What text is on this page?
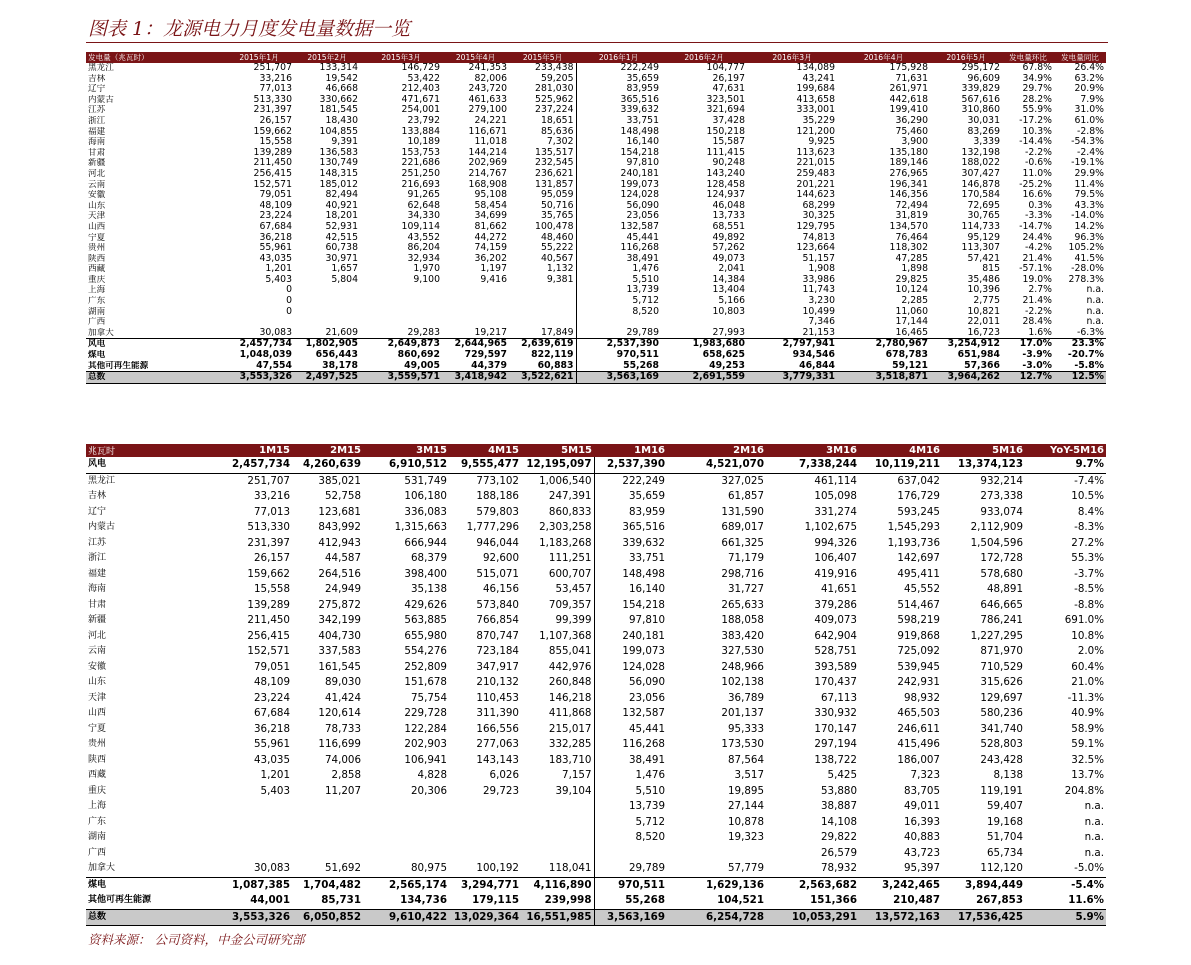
图表 1：龙源电力月度发电量数据一览
发电量（兆瓦时）	2015年1月	2015年2月	2015年3月	2015年4月	2015年5月	2016年1月	2016年2月	2016年3月	2016年4月	2016年5月	发电量环比	发电量同比
黑龙江	251,707	133,314	146,729	241,353	233,438	222,249	104,777	134,089	175,928	295,172	67.8%	26.4%
吉林	33,216	19,542	53,422	82,006	59,205	35,659	26,197	43,241	71,631	96,609	34.9%	63.2%
辽宁	77,013	46,668	212,403	243,720	281,030	83,959	47,631	199,684	261,971	339,829	29.7%	20.9%
内蒙古	513,330	330,662	471,671	461,633	525,962	365,516	323,501	413,658	442,618	567,616	28.2%	7.9%
江苏	231,397	181,545	254,001	279,100	237,224	339,632	321,694	333,001	199,410	310,860	55.9%	31.0%
浙江	26,157	18,430	23,792	24,221	18,651	33,751	37,428	35,229	36,290	30,031	-17.2%	61.0%
福建	159,662	104,855	133,884	116,671	85,636	148,498	150,218	121,200	75,460	83,269	10.3%	-2.8%
海南	15,558	9,391	10,189	11,018	7,302	16,140	15,587	9,925	3,900	3,339	-14.4%	-54.3%
甘肃	139,289	136,583	153,753	144,214	135,517	154,218	111,415	113,623	135,180	132,198	-2.2%	-2.4%
新疆	211,450	130,749	221,686	202,969	232,545	97,810	90,248	221,015	189,146	188,022	-0.6%	-19.1%
河北	256,415	148,315	251,250	214,767	236,621	240,181	143,240	259,483	276,965	307,427	11.0%	29.9%
云南	152,571	185,012	216,693	168,908	131,857	199,073	128,458	201,221	196,341	146,878	-25.2%	11.4%
安徽	79,051	82,494	91,265	95,108	95,059	124,028	124,937	144,623	146,356	170,584	16.6%	79.5%
山东	48,109	40,921	62,648	58,454	50,716	56,090	46,048	68,299	72,494	72,695	0.3%	43.3%
天津	23,224	18,201	34,330	34,699	35,765	23,056	13,733	30,325	31,819	30,765	-3.3%	-14.0%
山西	67,684	52,931	109,114	81,662	100,478	132,587	68,551	129,795	134,570	114,733	-14.7%	14.2%
宁夏	36,218	42,515	43,552	44,272	48,460	45,441	49,892	74,813	76,464	95,129	24.4%	96.3%
贵州	55,961	60,738	86,204	74,159	55,222	116,268	57,262	123,664	118,302	113,307	-4.2%	105.2%
陕西	43,035	30,971	32,934	36,202	40,567	38,491	49,073	51,157	47,285	57,421	21.4%	41.5%
西藏	1,201	1,657	1,970	1,197	1,132	1,476	2,041	1,908	1,898	815	-57.1%	-28.0%
重庆	5,403	5,804	9,100	9,416	9,381	5,510	14,384	33,986	29,825	35,486	19.0%	278.3%
上海	0					13,739	13,404	11,743	10,124	10,396	2.7%	n.a.
广东	0					5,712	5,166	3,230	2,285	2,775	21.4%	n.a.
湖南	0					8,520	10,803	10,499	11,060	10,821	-2.2%	n.a.
广西								7,346	17,144	22,011	28.4%	n.a.
加拿大	30,083	21,609	29,283	19,217	17,849	29,789	27,993	21,153	16,465	16,723	1.6%	-6.3%
风电	2,457,734	1,802,905	2,649,873	2,644,965	2,639,619	2,537,390	1,983,680	2,797,941	2,780,967	3,254,912	17.0%	23.3%
煤电	1,048,039	656,443	860,692	729,597	822,119	970,511	658,625	934,546	678,783	651,984	-3.9%	-20.7%
其他可再生能源	47,554	38,178	49,005	44,379	60,883	55,268	49,253	46,844	59,121	57,366	-3.0%	-5.8%
总数	3,553,326	2,497,525	3,559,571	3,418,942	3,522,621	3,563,169	2,691,559	3,779,331	3,518,871	3,964,262	12.7%	12.5%
兆瓦时	1M15	2M15	3M15	4M15	5M15	1M16	2M16	3M16	4M16	5M16	YoY-5M16
风电	2,457,734	4,260,639	6,910,512	9,555,477	12,195,097	2,537,390	4,521,070	7,338,244	10,119,211	13,374,123	9.7%
黑龙江	251,707	385,021	531,749	773,102	1,006,540	222,249	327,025	461,114	637,042	932,214	-7.4%
吉林	33,216	52,758	106,180	188,186	247,391	35,659	61,857	105,098	176,729	273,338	10.5%
辽宁	77,013	123,681	336,083	579,803	860,833	83,959	131,590	331,274	593,245	933,074	8.4%
内蒙古	513,330	843,992	1,315,663	1,777,296	2,303,258	365,516	689,017	1,102,675	1,545,293	2,112,909	-8.3%
江苏	231,397	412,943	666,944	946,044	1,183,268	339,632	661,325	994,326	1,193,736	1,504,596	27.2%
浙江	26,157	44,587	68,379	92,600	111,251	33,751	71,179	106,407	142,697	172,728	55.3%
福建	159,662	264,516	398,400	515,071	600,707	148,498	298,716	419,916	495,411	578,680	-3.7%
海南	15,558	24,949	35,138	46,156	53,457	16,140	31,727	41,651	45,552	48,891	-8.5%
甘肃	139,289	275,872	429,626	573,840	709,357	154,218	265,633	379,286	514,467	646,665	-8.8%
新疆	211,450	342,199	563,885	766,854	99,399	97,810	188,058	409,073	598,219	786,241	691.0%
河北	256,415	404,730	655,980	870,747	1,107,368	240,181	383,420	642,904	919,868	1,227,295	10.8%
云南	152,571	337,583	554,276	723,184	855,041	199,073	327,530	528,751	725,092	871,970	2.0%
安徽	79,051	161,545	252,809	347,917	442,976	124,028	248,966	393,589	539,945	710,529	60.4%
山东	48,109	89,030	151,678	210,132	260,848	56,090	102,138	170,437	242,931	315,626	21.0%
天津	23,224	41,424	75,754	110,453	146,218	23,056	36,789	67,113	98,932	129,697	-11.3%
山西	67,684	120,614	229,728	311,390	411,868	132,587	201,137	330,932	465,503	580,236	40.9%
宁夏	36,218	78,733	122,284	166,556	215,017	45,441	95,333	170,147	246,611	341,740	58.9%
贵州	55,961	116,699	202,903	277,063	332,285	116,268	173,530	297,194	415,496	528,803	59.1%
陕西	43,035	74,006	106,941	143,143	183,710	38,491	87,564	138,722	186,007	243,428	32.5%
西藏	1,201	2,858	4,828	6,026	7,157	1,476	3,517	5,425	7,323	8,138	13.7%
重庆	5,403	11,207	20,306	29,723	39,104	5,510	19,895	53,880	83,705	119,191	204.8%
上海						13,739	27,144	38,887	49,011	59,407	n.a.
广东						5,712	10,878	14,108	16,393	19,168	n.a.
湖南						8,520	19,323	29,822	40,883	51,704	n.a.
广西								26,579	43,723	65,734	n.a.
加拿大	30,083	51,692	80,975	100,192	118,041	29,789	57,779	78,932	95,397	112,120	-5.0%
煤电	1,087,385	1,704,482	2,565,174	3,294,771	4,116,890	970,511	1,629,136	2,563,682	3,242,465	3,894,449	-5.4%
其他可再生能源	44,001	85,731	134,736	179,115	239,998	55,268	104,521	151,366	210,487	267,853	11.6%
总数	3,553,326	6,050,852	9,610,422	13,029,364	16,551,985	3,563,169	6,254,728	10,053,291	13,572,163	17,536,425	5.9%
资料来源： 公司资料，中金公司研究部
